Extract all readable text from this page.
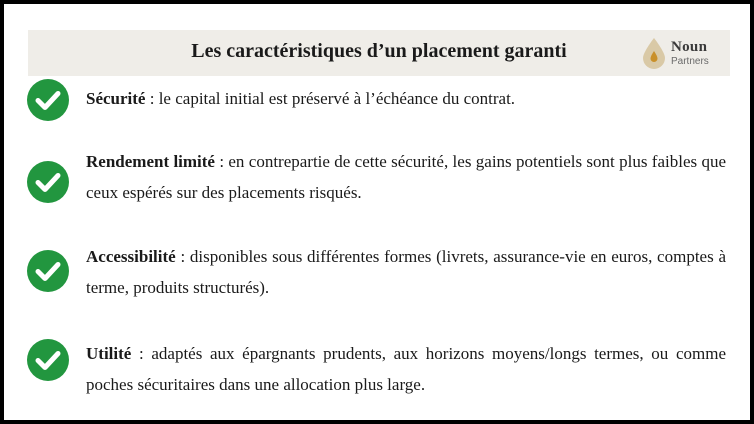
Les caractéristiques d’un placement garanti	Noun
Partners
Sécurité : le capital initial est préservé à l’échéance du contrat.
Rendement limité : en contrepartie de cette sécurité, les gains potentiels sont plus faibles que ceux espérés sur des placements risqués.
Accessibilité : disponibles sous différentes formes (livrets, assurance-vie en euros, comptes à terme, produits structurés).
Utilité : adaptés aux épargnants prudents, aux horizons moyens/longs termes, ou comme poches sécuritaires dans une allocation plus large.
